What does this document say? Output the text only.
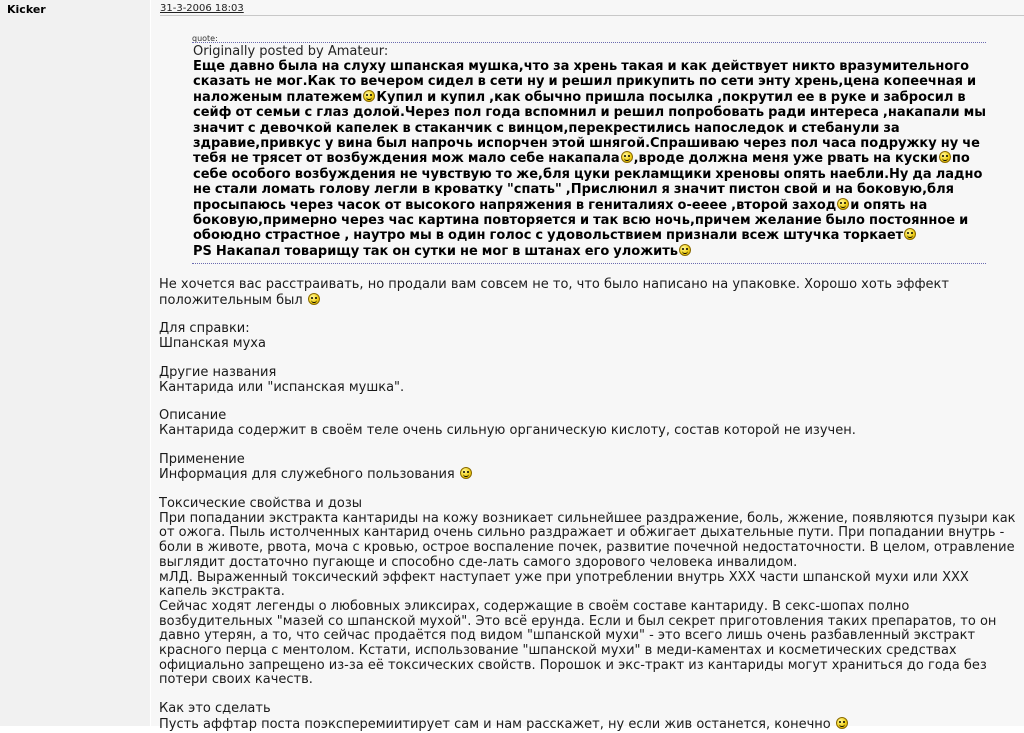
Kicker	31-3-2006 18:03
quote:
Originally posted by Amateur:
Еще давно была на слуху шпанская мушка,что за хрень такая и как действует никто вразумительного сказать не мог.Как то вечером сидел в сети ну и решил прикупить по сети энту хрень,цена копеечная и наложеным платежем Купил и купил ,как обычно пришла посылка ,покрутил ее в руке и забросил в сейф от семьи с глаз долой.Через пол года вспомнил и решил попробовать ради интереса ,накапали мы значит с девочкой капелек в стаканчик с винцом,перекрестились напоследок и стебанули за здравие,привкус у вина был напрочь испорчен этой шнягой.Спрашиваю через пол часа подружку ну че тебя не трясет от возбуждения мож мало себе накапала ,вроде должна меня уже рвать на куски по себе особого возбуждения не чувствую то же,бля цуки рекламщики хреновы опять наебли.Ну да ладно не стали ломать голову легли в кроватку "спать" ,Прислюнил я значит пистон свой и на боковую,бля просыпаюсь через часок от высокого напряжения в гениталиях о-ееее ,второй заход и опять на боковую,примерно через час картина повторяется и так всю ночь,причем желание было постоянное и обоюдно страстное , наутро мы в один голос с удовольствием признали всеж штучка торкает
PS Накапал товарищу так он сутки не мог в штанах его уложить

Не хочется вас расстраивать, но продали вам совсем не то, что было написано на упаковке. Хорошо хоть эффект положительным был

Для справки:

Шпанская муха

Другие названия

Кантарида или "испанская мушка".

Описание

Кантарида содержит в своём теле очень сильную органическую кислоту, состав которой не изучен.

Применение

Информация для служебного пользования

Токсические свойства и дозы

При попадании экстракта кантариды на кожу возникает сильнейшее раздражение, боль, жжение, появляются пузыри как от ожога. Пыль истолченных кантарид очень сильно раздражает и обжигает дыхательные пути. При попадании внутрь - боли в животе, рвота, моча с кровью, острое воспаление почек, развитие почечной недостаточности. В целом, отравление выглядит достаточно пугающе и способно сде-лать самого здорового человека инвалидом.

мЛД. Выраженный токсический эффект наступает уже при употреблении внутрь XXX части шпанской мухи или XXX капель экстракта.

Сейчас ходят легенды о любовных эликсирах, содержащие в своём составе кантариду. В секс-шопах полно возбудительных "мазей со шпанской мухой". Это всё ерунда. Если и был секрет приготовления таких препаратов, то он давно утерян, а то, что сейчас продаётся под видом "шпанской мухи" - это всего лишь очень разбавленный экстракт красного перца с ментолом. Кстати, использование "шпанской мухи" в меди-каментах и косметических средствах официально запрещено из-за её токсических свойств. Порошок и экс-тракт из кантариды могут храниться до года без потери своих качеств.

Как это сделать

Пусть аффтар поста поэксперемиитирует сам и нам расскажет, ну если жив останется, конечно
